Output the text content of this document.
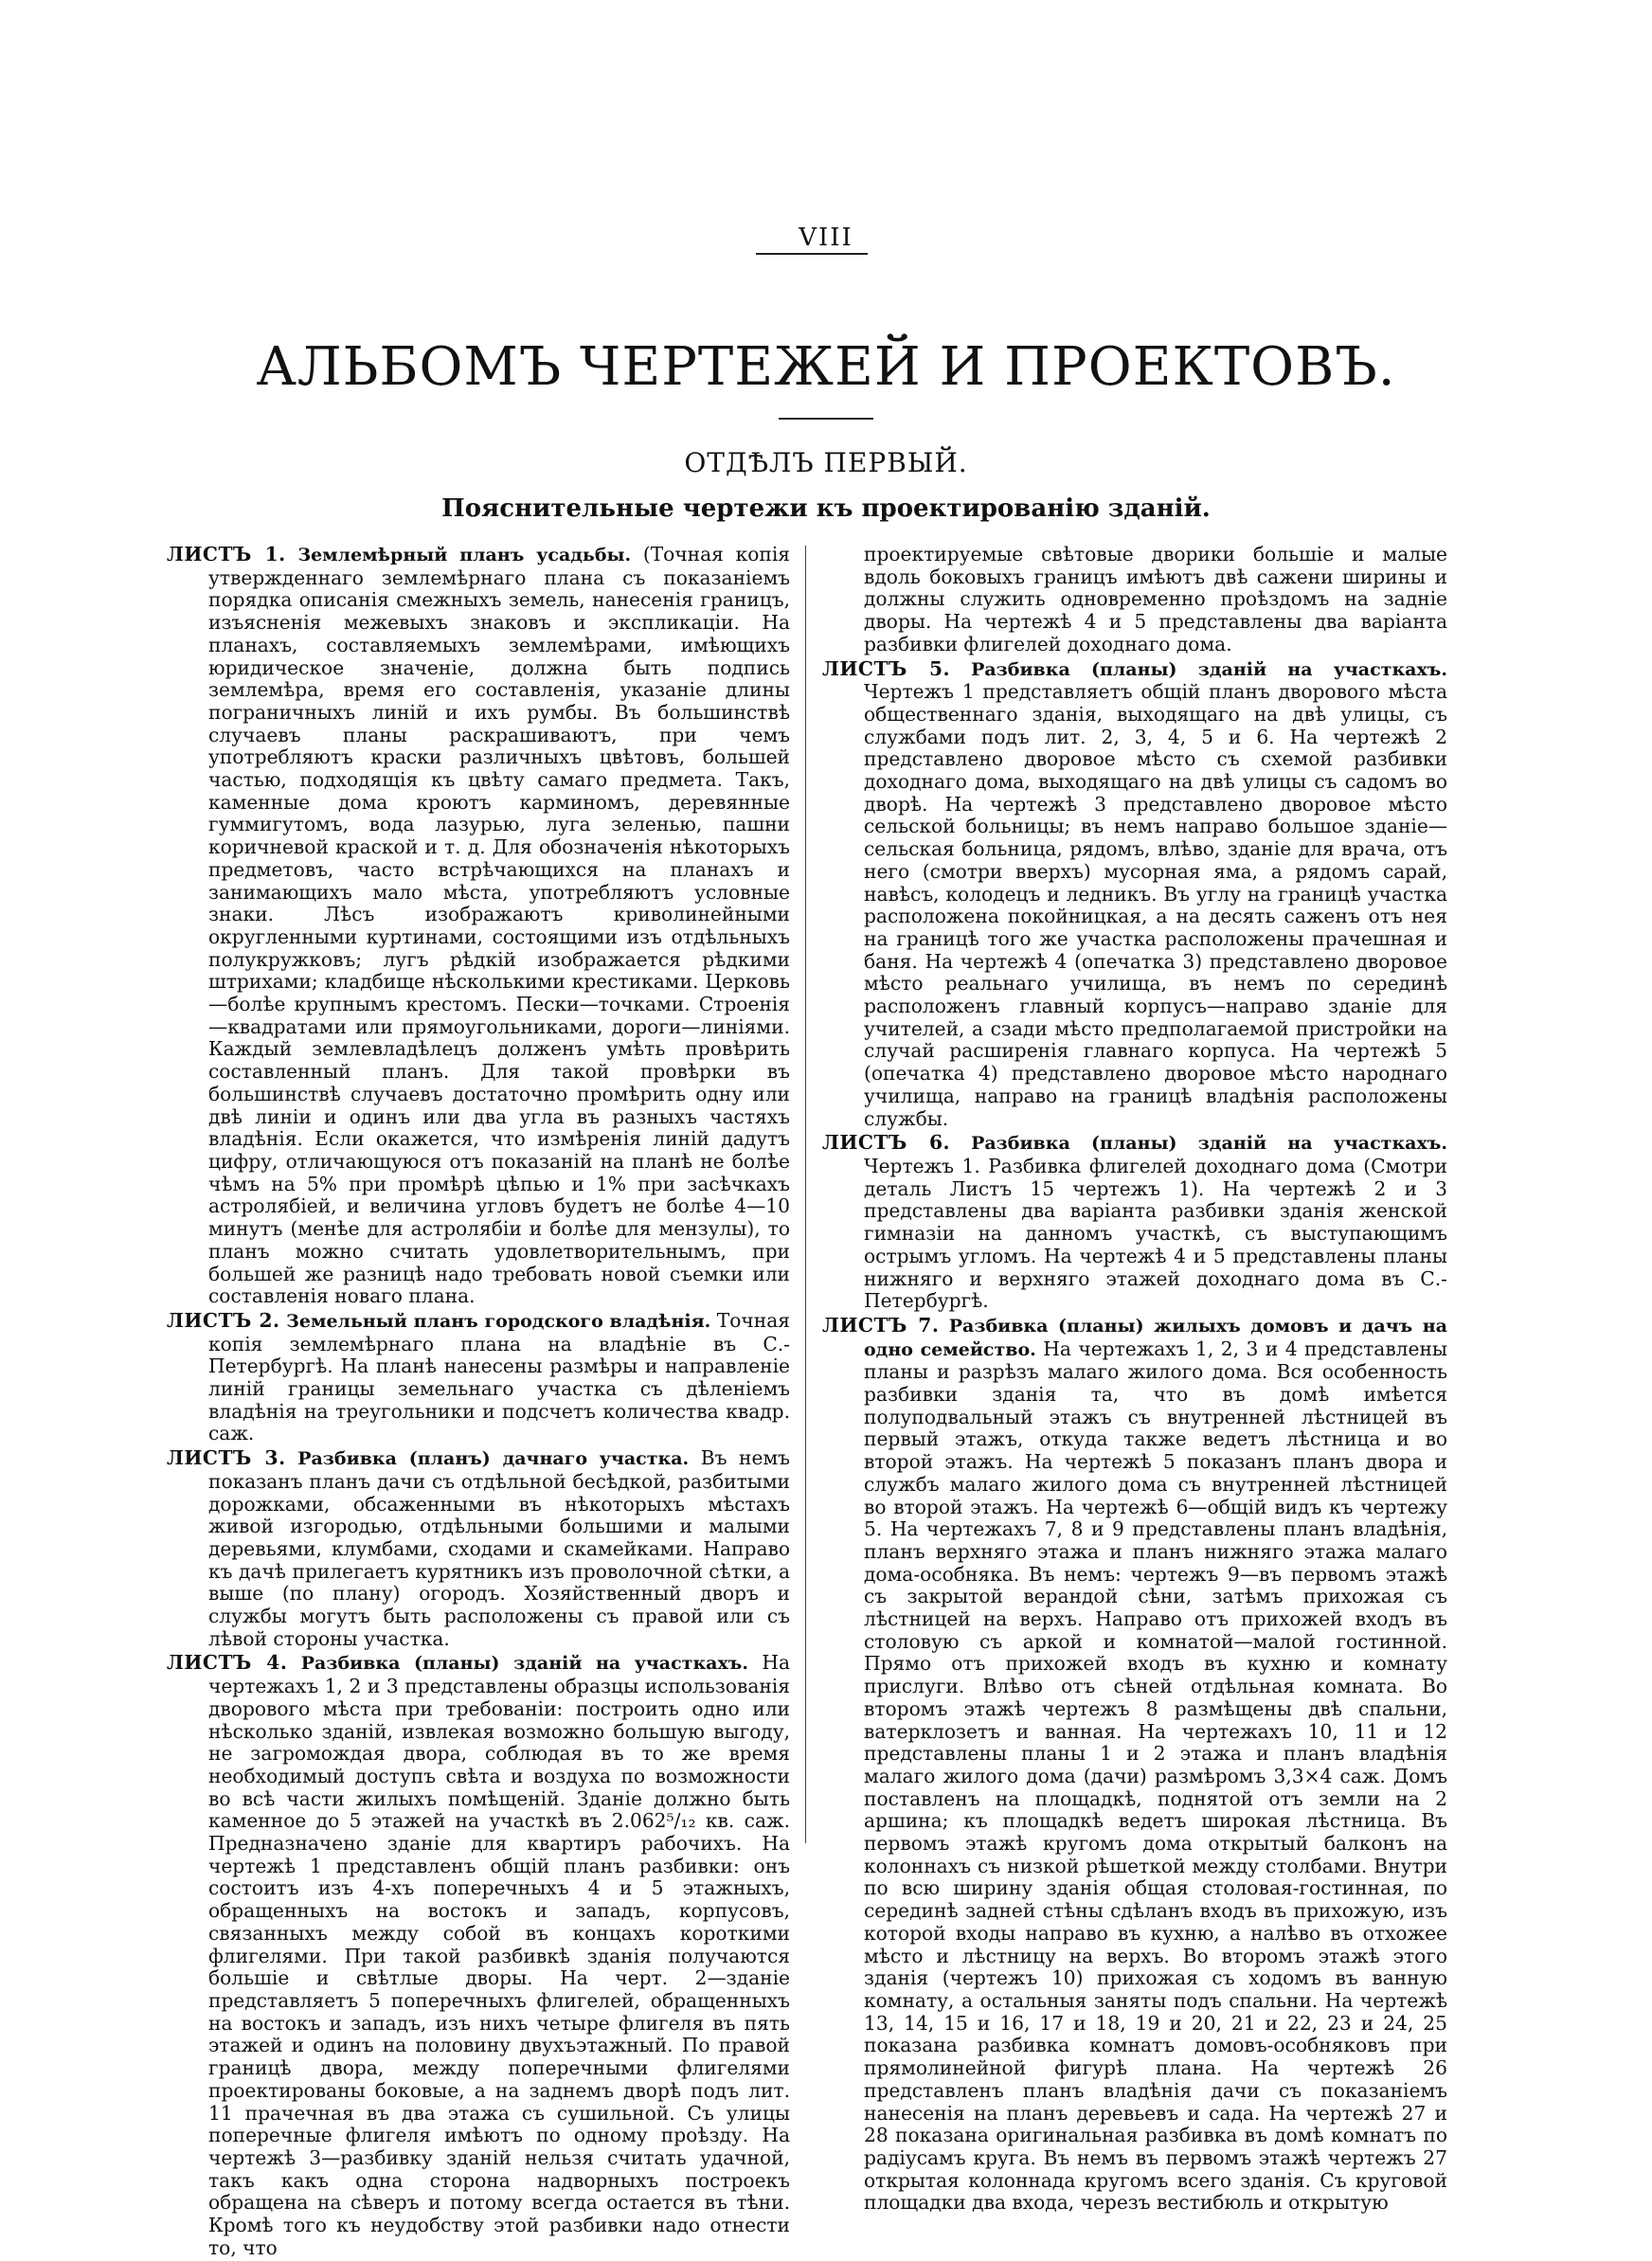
VIII
АЛЬБОМЪ ЧЕРТЕЖЕЙ И ПРОЕКТОВЪ.
ОТДѢЛЪ ПЕРВЫЙ.
Пояснительные чертежи къ проектированію зданій.

ЛИСТЪ 1. Землемѣрный планъ усадьбы. (Точная копія утвержденнаго землемѣрнаго плана съ показаніемъ порядка описанія смежныхъ земель, нанесенія границъ, изъясненія межевыхъ знаковъ и экспликаціи. На планахъ, составляемыхъ землемѣрами, имѣющихъ юридическое значеніе, должна быть подпись землемѣра, время его составленія, указаніе длины пограничныхъ линій и ихъ румбы. Въ большинствѣ случаевъ планы раскрашиваютъ, при чемъ употребляютъ краски различныхъ цвѣтовъ, большей частью, подходящія къ цвѣту самаго предмета. Такъ, каменные дома кроютъ карминомъ, деревянные гуммигутомъ, вода лазурью, луга зеленью, пашни коричневой краской и т. д. Для обозначенія нѣкоторыхъ предметовъ, часто встрѣчающихся на планахъ и занимающихъ мало мѣста, употребляютъ условные знаки. Лѣсъ изображаютъ криволинейными округленными куртинами, состоящими изъ отдѣльныхъ полукружковъ; лугъ рѣдкій изображается рѣдкими штрихами; кладбище нѣсколькими крестиками. Церковь—болѣе крупнымъ крестомъ. Пески—точками. Строенія—квадратами или прямоугольниками, дороги—линіями. Каждый землевладѣлецъ долженъ умѣть провѣрить составленный планъ. Для такой провѣрки въ большинствѣ случаевъ достаточно промѣрить одну или двѣ линіи и одинъ или два угла въ разныхъ частяхъ владѣнія. Если окажется, что измѣренія линій дадутъ цифру, отличающуюся отъ показаній на планѣ не болѣе чѣмъ на 5% при промѣрѣ цѣпью и 1% при засѣчкахъ астролябіей, и величина угловъ будетъ не болѣе 4—10 минутъ (менѣе для астролябіи и болѣе для мензулы), то планъ можно считать удовлетворительнымъ, при большей же разницѣ надо требовать новой съемки или составленія новаго плана.

ЛИСТЪ 2. Земельный планъ городского владѣнія. Точная копія землемѣрнаго плана на владѣніе въ С.-Петербургѣ. На планѣ нанесены размѣры и направленіе линій границы земельнаго участка съ дѣленіемъ владѣнія на треугольники и подсчетъ количества квадр. саж.

ЛИСТЪ 3. Разбивка (планъ) дачнаго участка. Въ немъ показанъ планъ дачи съ отдѣльной бесѣдкой, разбитыми дорожками, обсаженными въ нѣкоторыхъ мѣстахъ живой изгородью, отдѣльными большими и малыми деревьями, клумбами, сходами и скамейками. Направо къ дачѣ прилегаетъ курятникъ изъ проволочной сѣтки, а выше (по плану) огородъ. Хозяйственный дворъ и службы могутъ быть расположены съ правой или съ лѣвой стороны участка.

ЛИСТЪ 4. Разбивка (планы) зданій на участкахъ. На чертежахъ 1, 2 и 3 представлены образцы использованія дворового мѣста при требованіи: построить одно или нѣсколько зданій, извлекая возможно большую выгоду, не загромождая двора, соблюдая въ то же время необходимый доступъ свѣта и воздуха по возможности во всѣ части жилыхъ помѣщеній. Зданіе должно быть каменное до 5 этажей на участкѣ въ 2.062⁵/₁₂ кв. саж. Предназначено зданіе для квартиръ рабочихъ. На чертежѣ 1 представленъ общій планъ разбивки: онъ состоитъ изъ 4-хъ поперечныхъ 4 и 5 этажныхъ, обращенныхъ на востокъ и западъ, корпусовъ, связанныхъ между собой въ концахъ короткими флигелями. При такой разбивкѣ зданія получаются большіе и свѣтлые дворы. На черт. 2—зданіе представляетъ 5 поперечныхъ флигелей, обращенныхъ на востокъ и западъ, изъ нихъ четыре флигеля въ пять этажей и одинъ на половину двухъэтажный. По правой границѣ двора, между поперечными флигелями проектированы боковые, а на заднемъ дворѣ подъ лит. 11 прачечная въ два этажа съ сушильной. Съ улицы поперечные флигеля имѣютъ по одному проѣзду. На чертежѣ 3—разбивку зданій нельзя считать удачной, такъ какъ одна сторона надворныхъ построекъ обращена на сѣверъ и потому всегда остается въ тѣни. Кромѣ того къ неудобству этой разбивки надо отнести то, что

проектируемые свѣтовые дворики большіе и малые вдоль боковыхъ границъ имѣютъ двѣ сажени ширины и должны служить одновременно проѣздомъ на задніе дворы. На чертежѣ 4 и 5 представлены два варіанта разбивки флигелей доходнаго дома.

ЛИСТЪ 5. Разбивка (планы) зданій на участкахъ. Чертежъ 1 представляетъ общій планъ дворового мѣста общественнаго зданія, выходящаго на двѣ улицы, съ службами подъ лит. 2, 3, 4, 5 и 6. На чертежѣ 2 представлено дворовое мѣсто съ схемой разбивки доходнаго дома, выходящаго на двѣ улицы съ садомъ во дворѣ. На чертежѣ 3 представлено дворовое мѣсто сельской больницы; въ немъ направо большое зданіе—сельская больница, рядомъ, влѣво, зданіе для врача, отъ него (смотри вверхъ) мусорная яма, а рядомъ сарай, навѣсъ, колодецъ и ледникъ. Въ углу на границѣ участка расположена покойницкая, а на десять саженъ отъ нея на границѣ того же участка расположены прачешная и баня. На чертежѣ 4 (опечатка 3) представлено дворовое мѣсто реальнаго училища, въ немъ по серединѣ расположенъ главный корпусъ—направо зданіе для учителей, а сзади мѣсто предполагаемой пристройки на случай расширенія главнаго корпуса. На чертежѣ 5 (опечатка 4) представлено дворовое мѣсто народнаго училища, направо на границѣ владѣнія расположены службы.

ЛИСТЪ 6. Разбивка (планы) зданій на участкахъ. Чертежъ 1. Разбивка флигелей доходнаго дома (Смотри деталь Листъ 15 чертежъ 1). На чертежѣ 2 и 3 представлены два варіанта разбивки зданія женской гимназіи на данномъ участкѣ, съ выступающимъ острымъ угломъ. На чертежѣ 4 и 5 представлены планы нижняго и верхняго этажей доходнаго дома въ С.-Петербургѣ.

ЛИСТЪ 7. Разбивка (планы) жилыхъ домовъ и дачъ на одно семейство. На чертежахъ 1, 2, 3 и 4 представлены планы и разрѣзъ малаго жилого дома. Вся особенность разбивки зданія та, что въ домѣ имѣется полуподвальный этажъ съ внутренней лѣстницей въ первый этажъ, откуда также ведетъ лѣстница и во второй этажъ. На чертежѣ 5 показанъ планъ двора и службъ малаго жилого дома съ внутренней лѣстницей во второй этажъ. На чертежѣ 6—общій видъ къ чертежу 5. На чертежахъ 7, 8 и 9 представлены планъ владѣнія, планъ верхняго этажа и планъ нижняго этажа малаго дома-особняка. Въ немъ: чертежъ 9—въ первомъ этажѣ съ закрытой верандой сѣни, затѣмъ прихожая съ лѣстницей на верхъ. Направо отъ прихожей входъ въ столовую съ аркой и комнатой—малой гостинной. Прямо отъ прихожей входъ въ кухню и комнату прислуги. Влѣво отъ сѣней отдѣльная комната. Во второмъ этажѣ чертежъ 8 размѣщены двѣ спальни, ватерклозетъ и ванная. На чертежахъ 10, 11 и 12 представлены планы 1 и 2 этажа и планъ владѣнія малаго жилого дома (дачи) размѣромъ 3,3×4 саж. Домъ поставленъ на площадкѣ, поднятой отъ земли на 2 аршина; къ площадкѣ ведетъ широкая лѣстница. Въ первомъ этажѣ кругомъ дома открытый балконъ на колоннахъ съ низкой рѣшеткой между столбами. Внутри по всю ширину зданія общая столовая-гостинная, по серединѣ задней стѣны сдѣланъ входъ въ прихожую, изъ которой входы направо въ кухню, а налѣво въ отхожее мѣсто и лѣстницу на верхъ. Во второмъ этажѣ этого зданія (чертежъ 10) прихожая съ ходомъ въ ванную комнату, а остальныя заняты подъ спальни. На чертежѣ 13, 14, 15 и 16, 17 и 18, 19 и 20, 21 и 22, 23 и 24, 25 показана разбивка комнатъ домовъ-особняковъ при прямолинейной фигурѣ плана. На чертежѣ 26 представленъ планъ владѣнія дачи съ показаніемъ нанесенія на планъ деревьевъ и сада. На чертежѣ 27 и 28 показана оригинальная разбивка въ домѣ комнатъ по радіусамъ круга. Въ немъ въ первомъ этажѣ чертежъ 27 открытая колоннада кругомъ всего зданія. Съ круговой площадки два входа, черезъ вестибюль и открытую
